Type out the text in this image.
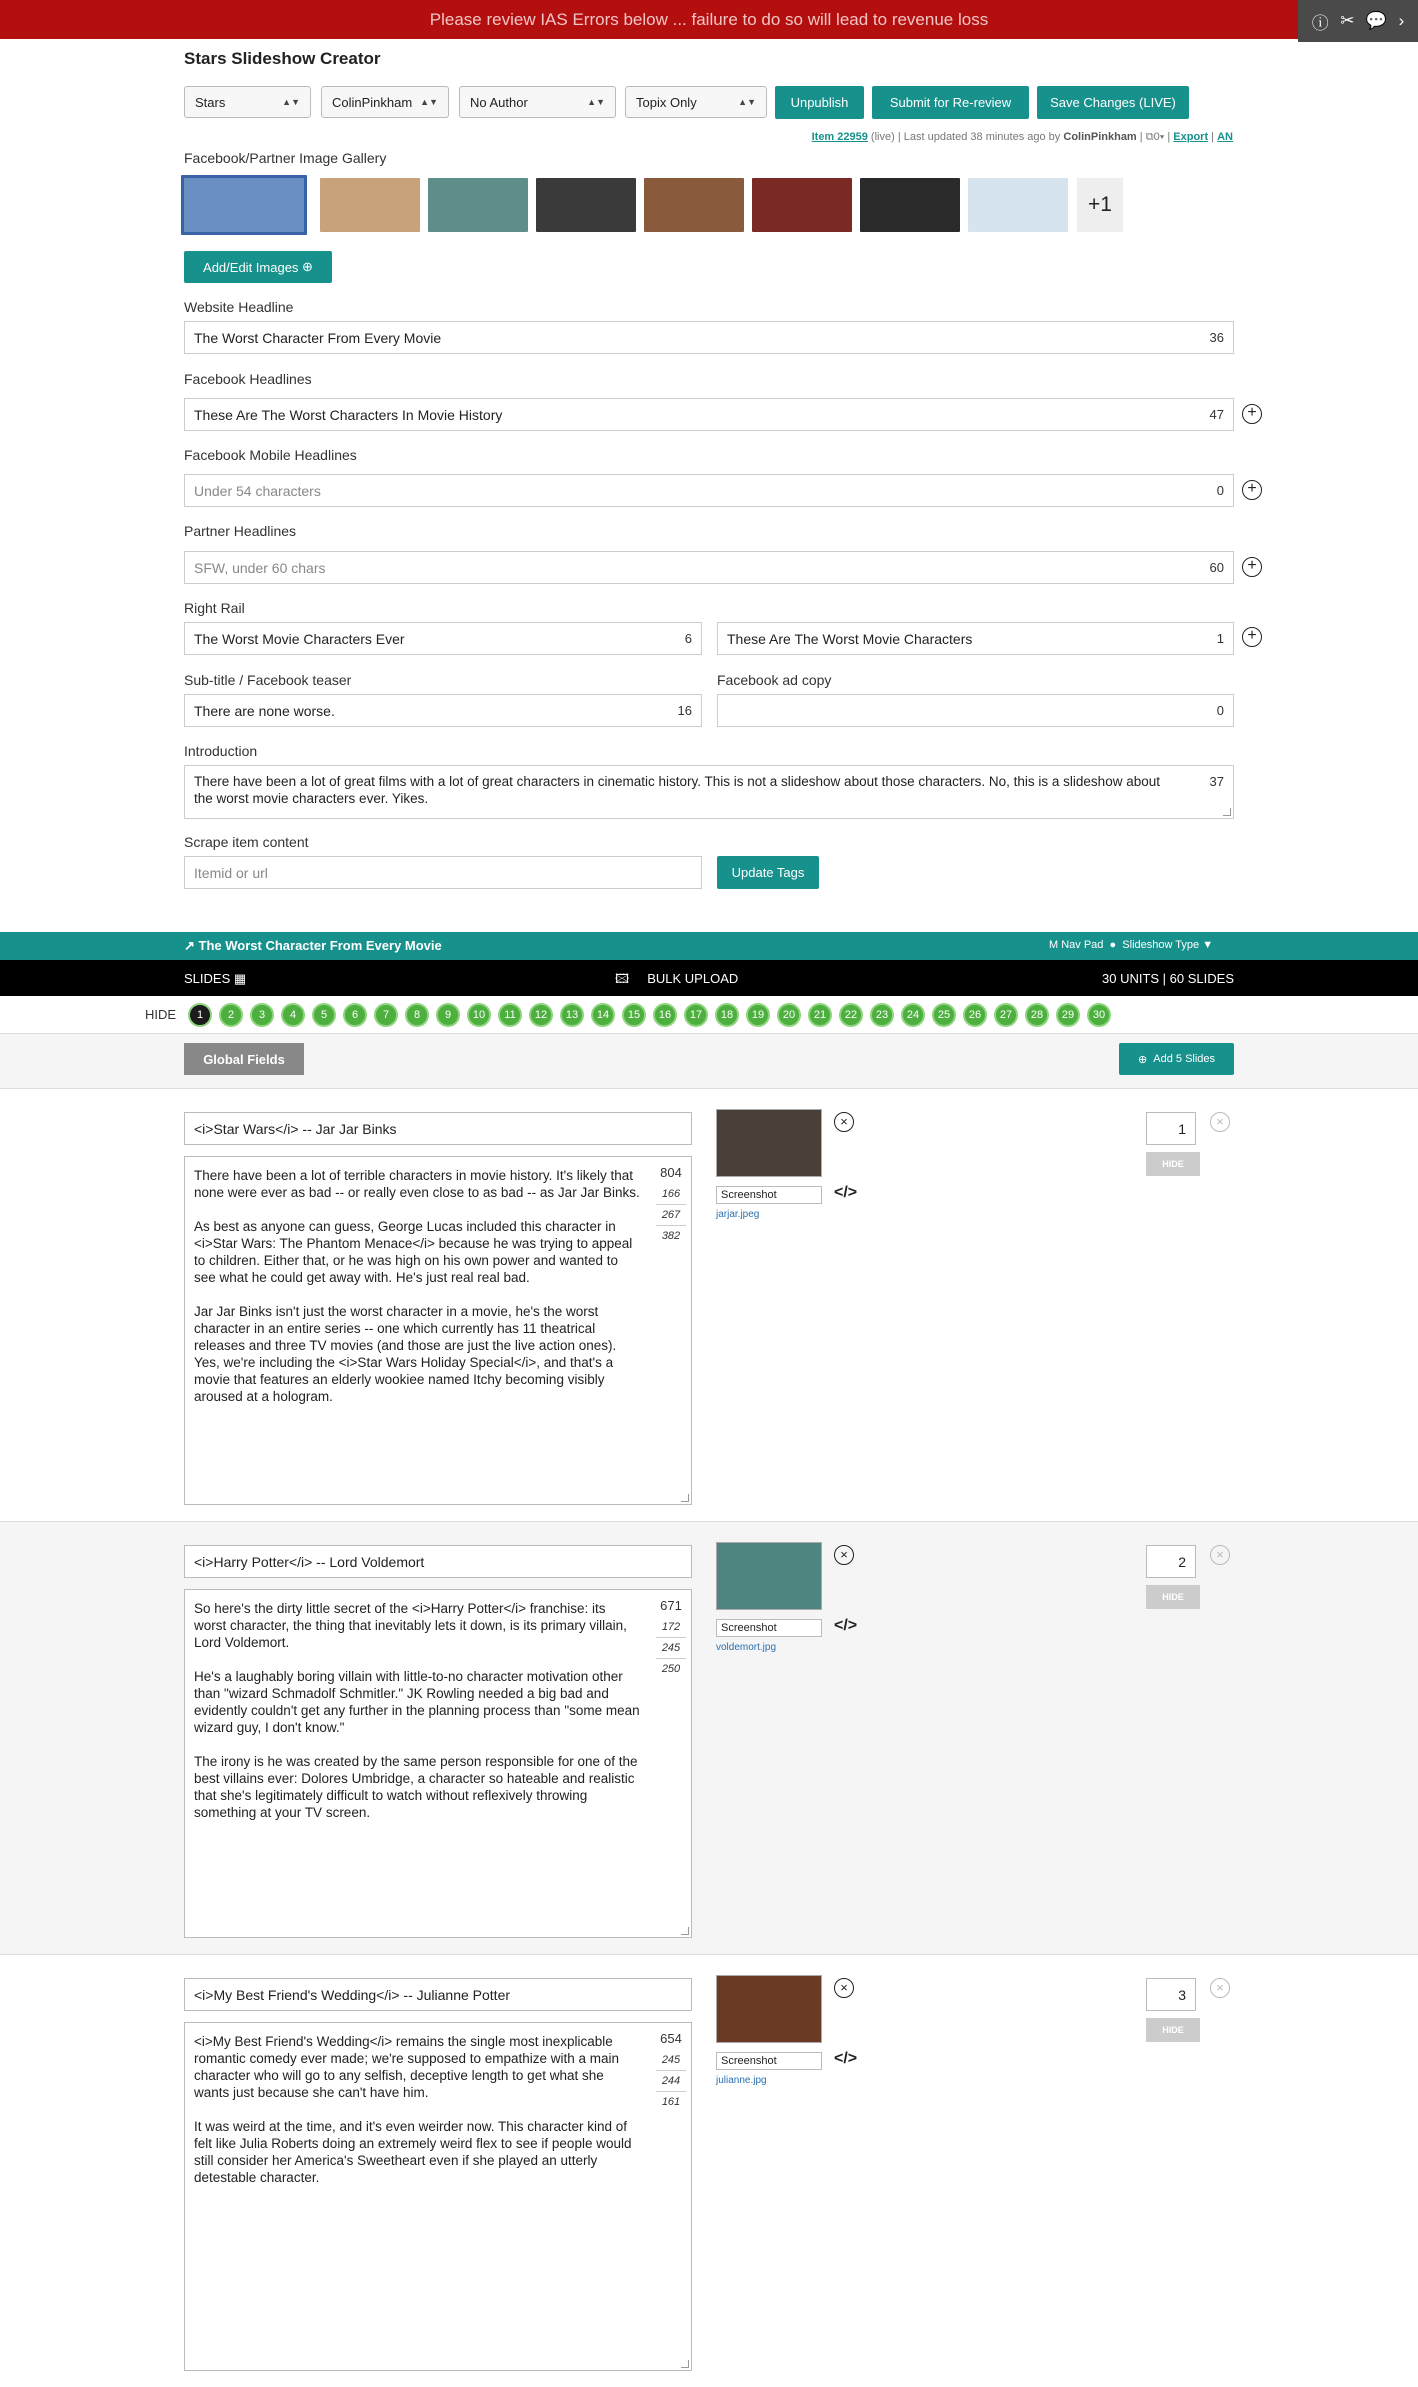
Please review IAS Errors below ... failure to do so will lead to revenue loss	ⓘ ✂ 💬 ›
Stars Slideshow Creator
Stars	▲▼ ColinPinkham ▲▼ No Author	▲▼ Topix Only	▲▼	Unpublish	Submit for Re-review	Save Changes (LIVE)
Item 22959 (live) | Last updated 38 minutes ago by ColinPinkham | ⧉0▾ | Export | AN
Facebook/Partner Image Gallery
+1
Add/Edit Images
⊕
Website Headline
The Worst Character From Every Movie	36
Facebook Headlines
These Are The Worst Characters In Movie History	47	+
Facebook Mobile Headlines
Under 54 characters	0	+
Partner Headlines
SFW, under 60 chars	60	+
Right Rail
The Worst Movie Characters Ever	6	These Are The Worst Movie Characters	1	+
Sub-title / Facebook teaser	Facebook ad copy
There are none worse.	16	0
Introduction
There have been a lot of great films with a lot of great characters in cinematic history. This is not a slideshow about those characters. No, this is a slideshow about the worst movie characters ever. Yikes.
37
Scrape item content
Itemid or url	Update Tags
↗ The Worst Character From Every Movie	M Nav Pad  ●  Slideshow Type ▼
SLIDES ▦	🖾 BULK UPLOAD	30 UNITS | 60 SLIDES
HIDE	1	2	3	4	5	6	7	8	9	10	11	12	13	14	15	16	17	18	19	20	21	22	23	24	25	26	27	28	29	30
Global Fields	⊕
Add 5 Slides
<i>Star Wars</i> -- Jar Jar Binks
There have been a lot of terrible characters in movie history. It's likely that none were ever as bad -- or really even close to as bad -- as Jar Jar Binks.

As best as anyone can guess, George Lucas included this character in <i>Star Wars: The Phantom Menace</i> because he was trying to appeal to children. Either that, or he was high on his own power and wanted to see what he could get away with. He's just real real bad.

Jar Jar Binks isn't just the worst character in a movie, he's the worst character in an entire series -- one which currently has 11 theatrical releases and three TV movies (and those are just the live action ones). Yes, we're including the <i>Star Wars Holiday Special</i>, and that's a movie that features an elderly wookiee named Itchy becoming visibly aroused at a hologram.
804
166
267
382
×
Screenshot	</>
jarjar.jpeg
1
HIDE
×
<i>Harry Potter</i> -- Lord Voldemort
So here's the dirty little secret of the <i>Harry Potter</i> franchise: its worst character, the thing that inevitably lets it down, is its primary villain, Lord Voldemort.

He's a laughably boring villain with little-to-no character motivation other than "wizard Schmadolf Schmitler." JK Rowling needed a big bad and evidently couldn't get any further in the planning process than "some mean wizard guy, I don't know."

The irony is he was created by the same person responsible for one of the best villains ever: Dolores Umbridge, a character so hateable and realistic that she's legitimately difficult to watch without reflexively throwing something at your TV screen.
671
172
245
250
×
Screenshot	</>
voldemort.jpg
2
HIDE
×
<i>My Best Friend's Wedding</i> -- Julianne Potter
<i>My Best Friend's Wedding</i> remains the single most inexplicable romantic comedy ever made; we're supposed to empathize with a main character who will go to any selfish, deceptive length to get what she wants just because she can't have him.

It was weird at the time, and it's even weirder now. This character kind of felt like Julia Roberts doing an extremely weird flex to see if people would still consider her America's Sweetheart even if she played an utterly detestable character.
654
245
244
161
×
Screenshot	</>
julianne.jpg
3
HIDE
×
